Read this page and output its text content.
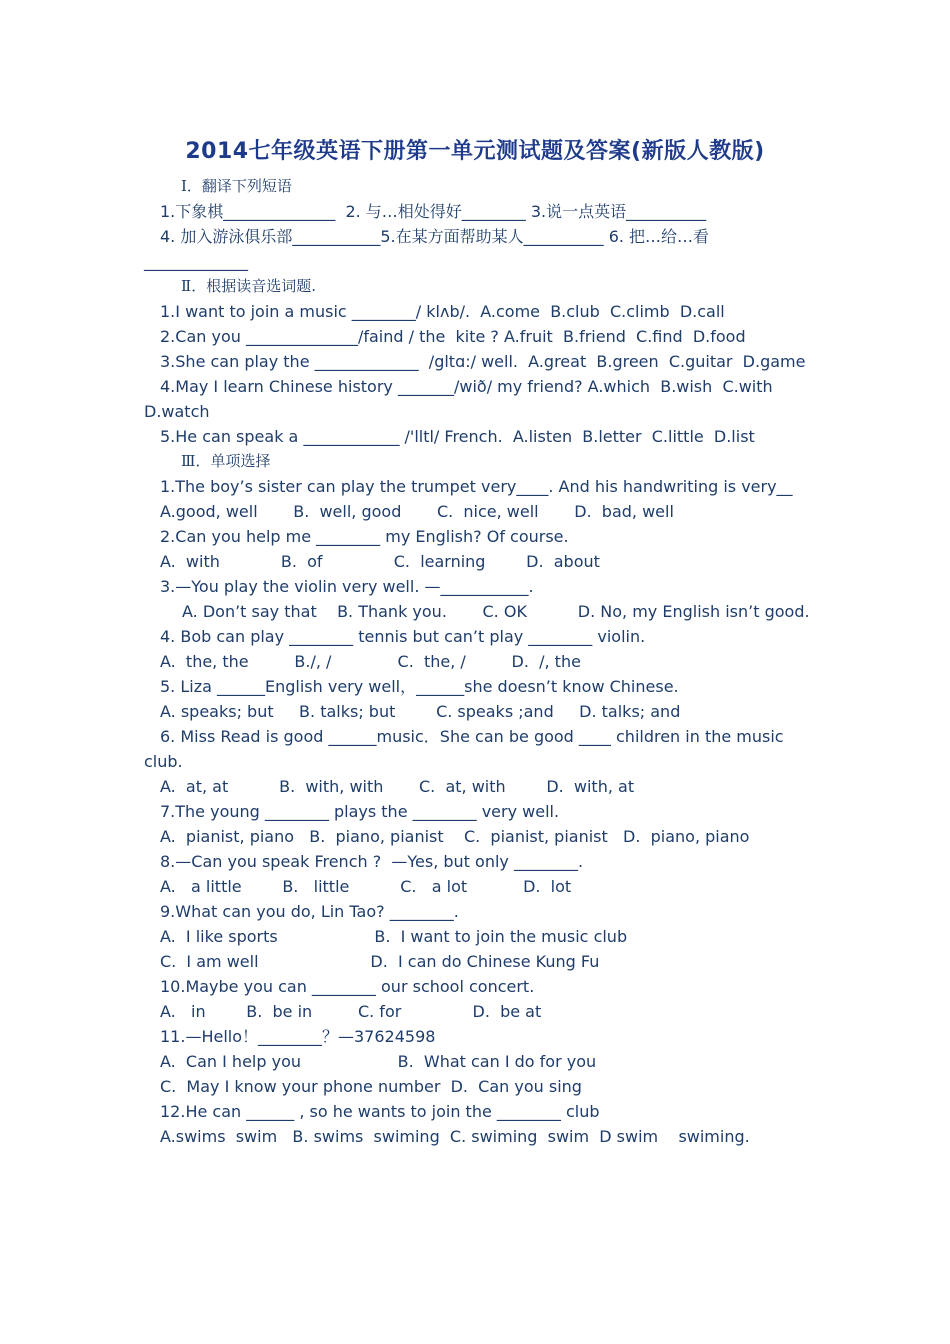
2014七年级英语下册第一单元测试题及答案(新版人教版)
Ⅰ．翻译下列短语
1.下象棋______________  2. 与…相处得好________ 3.说一点英语__________
4. 加入游泳俱乐部___________5.在某方面帮助某人__________ 6. 把…给…看_____________
Ⅱ．根据读音选词题.
1.I want to join a music ________/ klʌb/.  A.come  B.club  C.climb  D.call
2.Can you ______________/faind / the  kite ? A.fruit  B.friend  C.find  D.food
3.She can play the _____________  /gltɑ:/ well.  A.great  B.green  C.guitar  D.game
4.May I learn Chinese history _______/wið/ my friend? A.which  B.wish  C.with  D.watch
5.He can speak a ____________ /'lltl/ French.  A.listen  B.letter  C.little  D.list
Ⅲ．单项选择
1.The boy’s sister can play the trumpet very____. And his handwriting is very__
A.good, well       B.  well, good       C.  nice, well       D.  bad, well
2.Can you help me ________ my English? Of course.
A.  with            B.  of              C.  learning        D.  about
3.—You play the violin very well. —___________.
A. Don’t say that    B. Thank you.       C. OK          D. No, my English isn’t good.
4. Bob can play ________ tennis but can’t play ________ violin.
A.  the, the         B./, /             C.  the, /         D.  /, the
5. Liza ______English very well，______she doesn’t know Chinese.
A. speaks; but     B. talks; but        C. speaks ;and     D. talks; and
6. Miss Read is good ______music．She can be good ____ children in the music club.
A.  at, at          B.  with, with       C.  at, with        D.  with, at
7.The young ________ plays the ________ very well.
A.  pianist, piano   B.  piano, pianist    C.  pianist, pianist   D.  piano, piano
8.—Can you speak French ?  —Yes, but only ________.
A.   a little        B.   little          C.   a lot           D.  lot
9.What can you do, Lin Tao? ________.
A.  I like sports                   B.  I want to join the music club
C.  I am well                      D.  I can do Chinese Kung Fu
10.Maybe you can ________ our school concert.
A.   in        B.  be in         C. for              D.  be at
11.—Hello！________？—37624598
A.  Can I help you                   B.  What can I do for you
C.  May I know your phone number  D.  Can you sing
12.He can ______ , so he wants to join the ________ club
A.swims  swim   B. swims  swiming  C. swiming  swim  D swim    swiming.
